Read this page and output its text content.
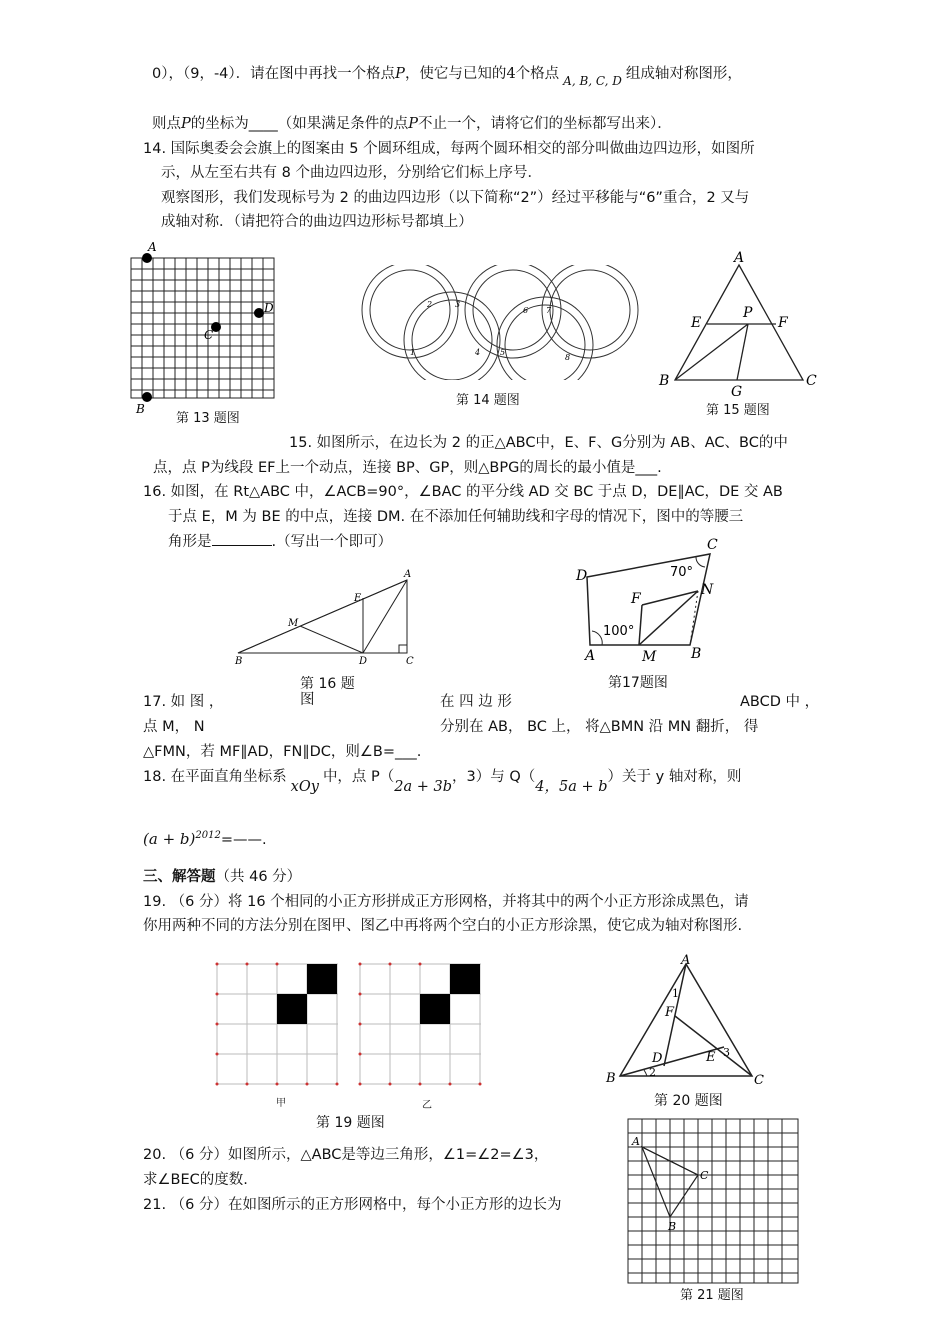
0），（9，-4）．请在图中再找一个格点P，使它与已知的4个格点 $_{A, B, C, D}$ 组成轴对称图形，
则点P的坐标为____（如果满足条件的点P不止一个，请将它们的坐标都写出来）．
14. 国际奥委会会旗上的图案由 5 个圆环组成，每两个圆环相交的部分叫做曲边四边形，如图所
示，从左至右共有 8 个曲边四边形，分别给它们标上序号．
观察图形，我们发现标号为 2 的曲边四边形（以下简称“2”）经过平移能与“6”重合，2 又与
成轴对称．（请把符合的曲边四边形标号都填上）
A
B
C
D
第 13 题图
1
2	3
4 5
6 7
8
第 14 题图
A
B	C
E	F
P
G
第 15 题图
15. 如图所示，在边长为 2 的正△ABC中，E、F、G分别为 AB、AC、BC的中
点，点 P为线段 EF上一个动点，连接 BP、GP，则△BPG的周长的最小值是___.
16. 如图，在 Rt△ABC 中，∠ACB=90°，∠BAC 的平分线 AD 交 BC 于点 D，DE∥AC，DE 交 AB
于点 E，M 为 BE 的中点，连接 DM. 在不添加任何辅助线和字母的情况下，图中的等腰三
角形是	.（写出一个即可）
A
B	C
D
E
M
C
D
A	B
M
N
F
70°
100°
第 16 题	第17题图
17. 如 图 ，	图	在 四 边 形	ABCD 中 ，
点 M， N	分别在 AB， BC 上， 将△BMN 沿 MN 翻折， 得
△FMN，若 MF∥AD，FN∥DC，则∠B=___.
18. 在平面直角坐标系xOy中，点 P（2a + 3b，3）与 Q（4，5a + b）关于 y 轴对称，则
$(a + b)^{2012}=——$.
三、解答题（共 46 分）
19. （6 分）将 16 个相同的小正方形拼成正方形网格，并将其中的两个小正方形涂成黑色，请
你用两种不同的方法分别在图甲、图乙中再将两个空白的小正方形涂黑，使它成为轴对称图形.
甲	乙
第 19 题图
A
B	C
F
D	E
1
2
3
第 20 题图
20. （6 分）如图所示，△ABC是等边三角形，∠1=∠2=∠3，
求∠BEC的度数.
21. （6 分）在如图所示的正方形网格中，每个小正方形的边长为
A
B
C
第 21 题图
